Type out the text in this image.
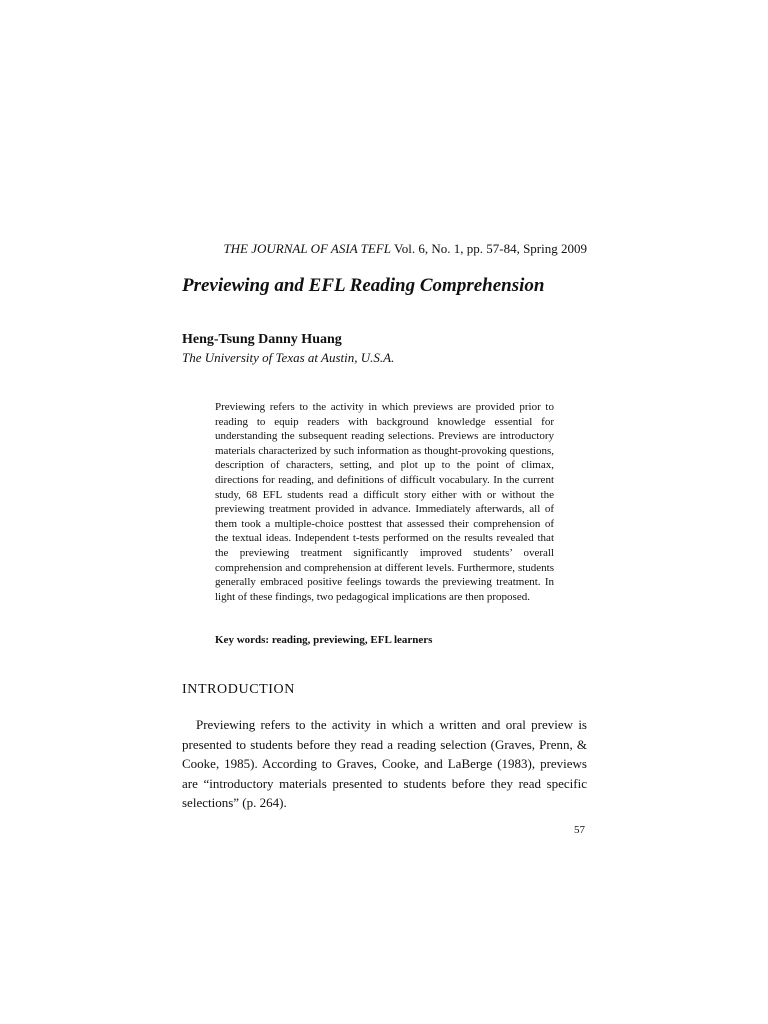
THE JOURNAL OF ASIA TEFL Vol. 6, No. 1, pp. 57-84, Spring 2009
Previewing and EFL Reading Comprehension
Heng-Tsung Danny Huang
The University of Texas at Austin, U.S.A.

Previewing refers to the activity in which previews are provided prior to reading to equip readers with background knowledge essential for understanding the subsequent reading selections. Previews are introductory materials characterized by such information as thought-provoking questions, description of characters, setting, and plot up to the point of climax, directions for reading, and definitions of difficult vocabulary. In the current study, 68 EFL students read a difficult story either with or without the previewing treatment provided in advance. Immediately afterwards, all of them took a multiple-choice posttest that assessed their comprehension of the textual ideas. Independent t-tests performed on the results revealed that the previewing treatment significantly improved students’ overall comprehension and comprehension at different levels. Furthermore, students generally embraced positive feelings towards the previewing treatment. In light of these findings, two pedagogical implications are then proposed.

Key words: reading, previewing, EFL learners
INTRODUCTION

Previewing refers to the activity in which a written and oral preview is presented to students before they read a reading selection (Graves, Prenn, & Cooke, 1985). According to Graves, Cooke, and LaBerge (1983), previews are “introductory materials presented to students before they read specific selections” (p. 264).

57
